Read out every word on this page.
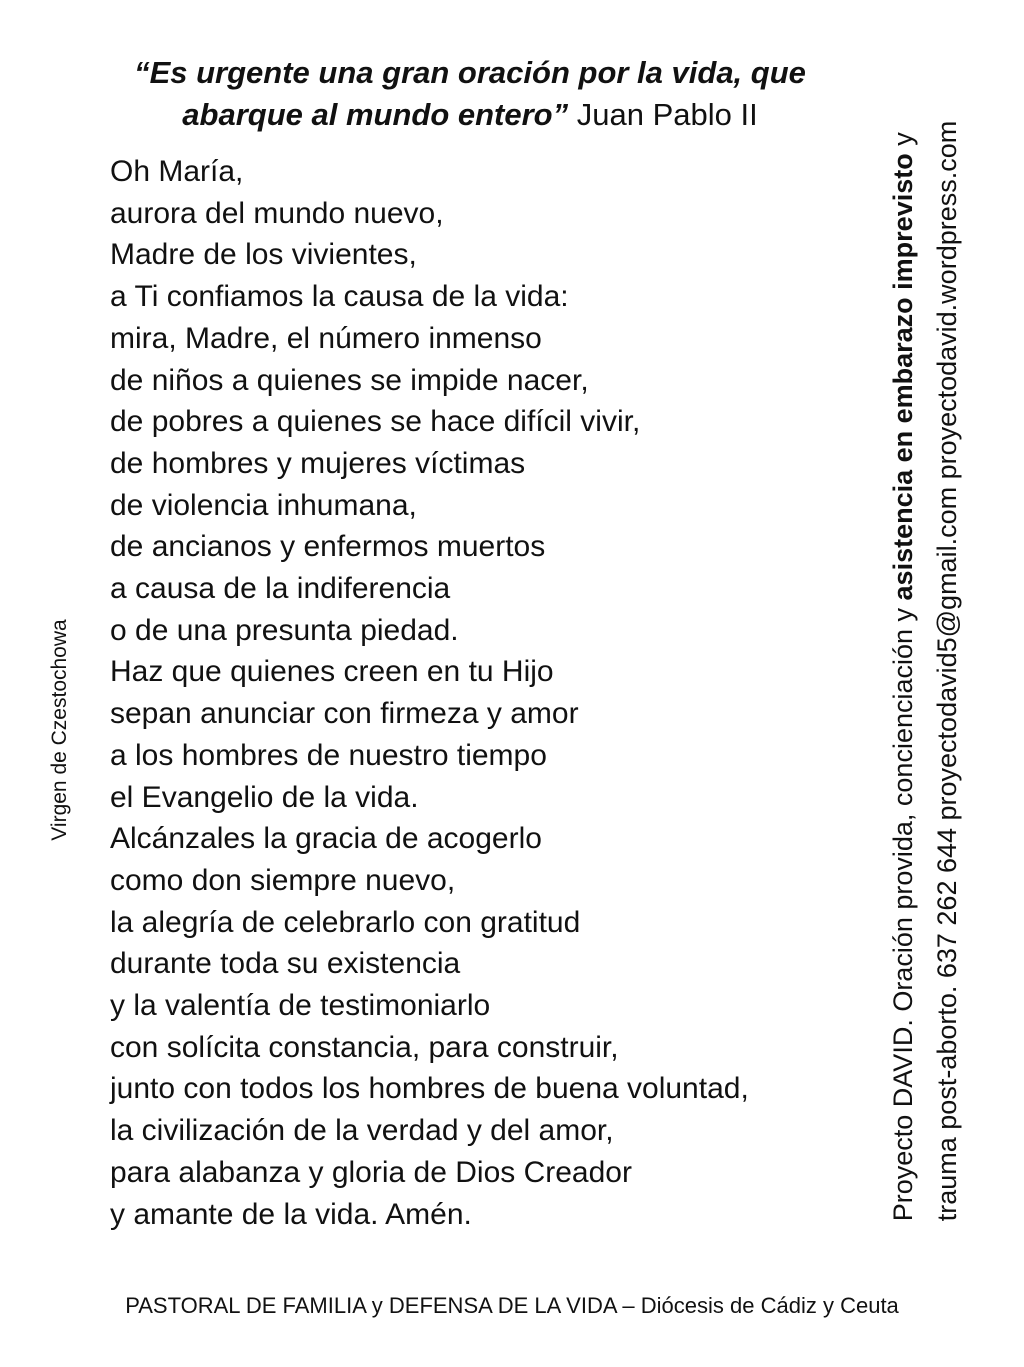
“Es urgente una gran oración por la vida, que
abarque al mundo entero” Juan Pablo II

Oh María,
aurora del mundo nuevo,
Madre de los vivientes,
a Ti confiamos la causa de la vida:
mira, Madre, el número inmenso
de niños a quienes se impide nacer,
de pobres a quienes se hace difícil vivir,
de hombres y mujeres víctimas
de violencia inhumana,
de ancianos y enfermos muertos
a causa de la indiferencia
o de una presunta piedad.
Haz que quienes creen en tu Hijo
sepan anunciar con firmeza y amor
a los hombres de nuestro tiempo
el Evangelio de la vida.
Alcánzales la gracia de acogerlo
como don siempre nuevo,
la alegría de celebrarlo con gratitud
durante toda su existencia
y la valentía de testimoniarlo
con solícita constancia, para construir,
junto con todos los hombres de buena voluntad,
la civilización de la verdad y del amor,
para alabanza y gloria de Dios Creador
y amante de la vida. Amén.
Virgen de Czestochowa	Proyecto DAVID. Oración provida, concienciación y asistencia en embarazo imprevisto y trauma post-aborto. 637 262 644 proyectodavid5@gmail.com proyectodavid.wordpress.com
PASTORAL DE FAMILIA y DEFENSA DE LA VIDA – Diócesis de Cádiz y Ceuta
